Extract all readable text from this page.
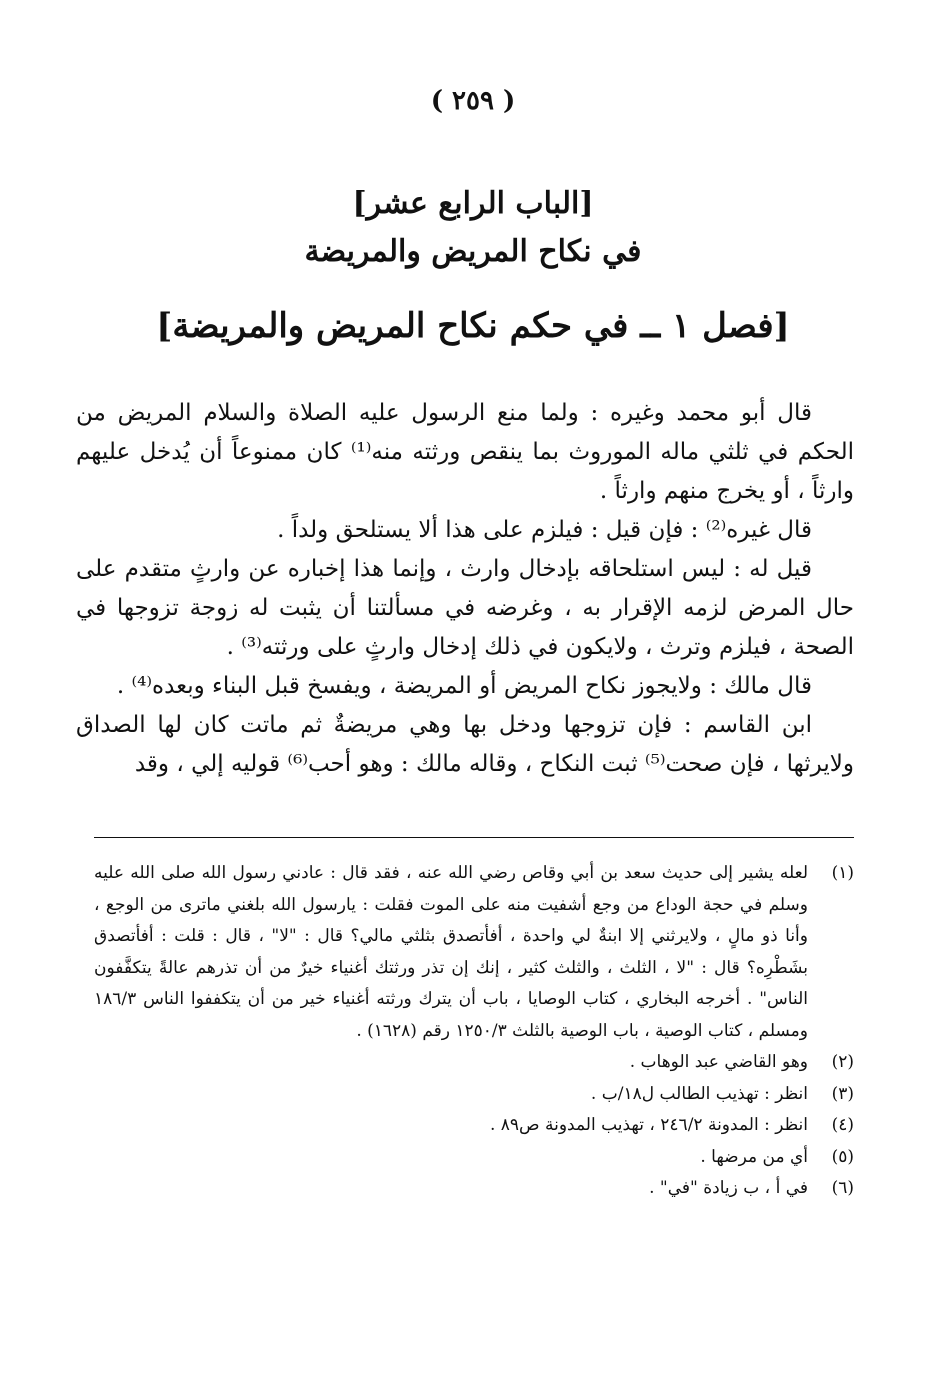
( ٢٥٩ )
[الباب الرابع عشر]
في نكاح المريض والمريضة
[فصل ١ ــ في حكم نكاح المريض والمريضة]

قال أبو محمد وغيره : ولما منع الرسول عليه الصلاة والسلام المريض من الحكم في ثلثي ماله الموروث بما ينقص ورثته منه⁽¹⁾ كان ممنوعاً أن يُدخل عليهم وارثاً ، أو يخرج منهم وارثاً .

قال غيره⁽²⁾ : فإن قيل : فيلزم على هذا ألا يستلحق ولداً .

قيل له : ليس استلحاقه بإدخال وارث ، وإنما هذا إخباره عن وارثٍ متقدم على حال المرض لزمه الإقرار به ، وغرضه في مسألتنا أن يثبت له زوجة تزوجها في الصحة ، فيلزم وترث ، ولايكون في ذلك إدخال وارثٍ على ورثته⁽³⁾ .

قال مالك : ولايجوز نكاح المريض أو المريضة ، ويفسخ قبل البناء وبعده⁽⁴⁾ .

ابن القاسم : فإن تزوجها ودخل بها وهي مريضةٌ ثم ماتت كان لها الصداق ولايرثها ، فإن صحت⁽⁵⁾ ثبت النكاح ، وقاله مالك : وهو أحب⁽⁶⁾ قوليه إلي ، وقد

(١)
لعله يشير إلى حديث سعد بن أبي وقاص رضي الله عنه ، فقد قال : عادني رسول الله صلى الله عليه وسلم في حجة الوداع من وجع أشفيت منه على الموت فقلت : يارسول الله بلغني ماترى من الوجع ، وأنا ذو مالٍ ، ولايرثني إلا ابنةٌ لي واحدة ، أفأتصدق بثلثي مالي؟ قال : "لا" ، قال : قلت : أفأتصدق بشَطْرِه؟ قال : "لا ، الثلث ، والثلث كثير ، إنك إن تذر ورثتك أغنياء خيرٌ من أن تذرهم عالةً يتكفَّفون الناس" . أخرجه البخاري ، كتاب الوصايا ، باب أن يترك ورثته أغنياء خير من أن يتكففوا الناس ١٨٦/٣ ومسلم ، كتاب الوصية ، باب الوصية بالثلث ١٢٥٠/٣ رقم (١٦٢٨) .
(٢)
وهو القاضي عبد الوهاب .
(٣)
انظر : تهذيب الطالب ل١٨/ب .
(٤)
انظر : المدونة ٢٤٦/٢ ، تهذيب المدونة ص٨٩ .
(٥)
أي من مرضها .
(٦)
في أ ، ب زيادة "في" .
